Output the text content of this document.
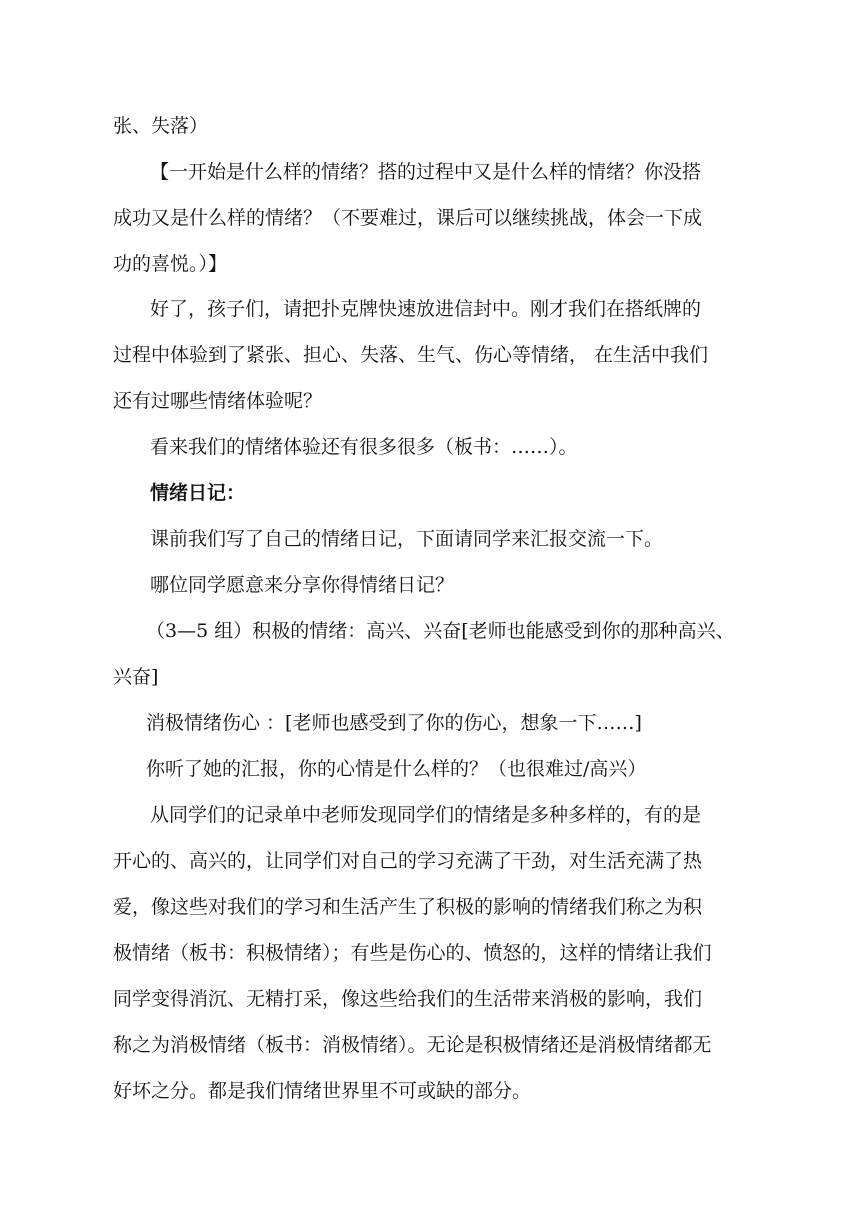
张、失落）
【一开始是什么样的情绪？搭的过程中又是什么样的情绪？你没搭
成功又是什么样的情绪？（不要难过，课后可以继续挑战，体会一下成
功的喜悦。）】
好了，孩子们，请把扑克牌快速放进信封中。刚才我们在搭纸牌的
过程中体验到了紧张、担心、失落、生气、伤心等情绪， 在生活中我们
还有过哪些情绪体验呢？
看来我们的情绪体验还有很多很多（板书：……）。
情绪日记：
课前我们写了自己的情绪日记，下面请同学来汇报交流一下。
哪位同学愿意来分享你得情绪日记？
（3—5 组）积极的情绪：高兴、兴奋[老师也能感受到你的那种高兴、
兴奋]
消极情绪伤心 ：[老师也感受到了你的伤心，想象一下……]
你听了她的汇报，你的心情是什么样的？（也很难过/高兴）
从同学们的记录单中老师发现同学们的情绪是多种多样的，有的是
开心的、高兴的，让同学们对自己的学习充满了干劲，对生活充满了热
爱，像这些对我们的学习和生活产生了积极的影响的情绪我们称之为积
极情绪（板书：积极情绪）；有些是伤心的、愤怒的，这样的情绪让我们
同学变得消沉、无精打采，像这些给我们的生活带来消极的影响，我们
称之为消极情绪（板书：消极情绪）。无论是积极情绪还是消极情绪都无
好坏之分。都是我们情绪世界里不可或缺的部分。
